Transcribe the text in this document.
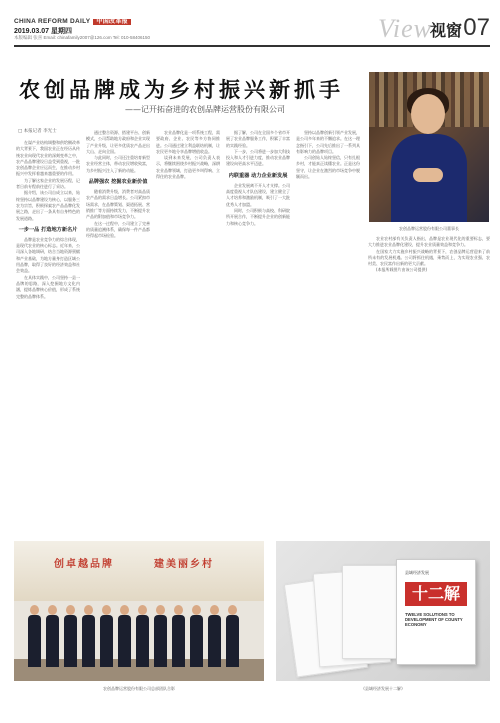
CHINA REFORM DAILY 中国改革报
2019.03.07 星期四
本版编辑 张喜 Email: chinafamily2007@126.com Tel: 010-58406150	View
视窗 07
农创品牌成为乡村振兴新抓手
——记开拓奋进的农创品牌运营股份有限公司
□ 本报记者 李光士

在谋产业结构调整和供给侧改革的大背景下，我国农业正在经历从传统农业向现代农业的深刻变革之中，农产品品牌建设日益受到重视，一批农创品牌企业应运而生，在推动乡村振兴中发挥着越来越重要的作用。

为了解这家企业的发展历程，记者日前专程前往进行了采访。

据介绍，该公司自成立以来，始终坚持以品牌建设为核心，以服务三农为宗旨，积极探索农产品品牌化发展之路，走出了一条具有自身特色的发展道路。

一步一品 打造地方新名片

品牌是农业竞争力的综合体现，是现代农业的核心标志。近年来，公司深入各地调研，结合当地资源禀赋和产业基础，为地方量身打造区域公用品牌，取得了良好的经济效益和社会效益。

在具体实践中，公司坚持一县一品牌的思路，深入挖掘地方文化内涵，提炼品牌核心价值，形成了系统完整的品牌体系。

通过整合资源、搭建平台、创新模式，公司帮助地方政府和企业实现了产业升级，让更多优质农产品走出大山、走向全国。

与此同时，公司还注重培育新型农业经营主体，带动农民增收致富，为乡村振兴注入了新的动能。

品牌强农 挖掘农业新价值

随着消费升级，消费者对高品质农产品的需求日益增长。公司紧扣市场需求，在品牌策划、渠道拓展、营销推广等方面持续发力，不断提升农产品的附加值和市场竞争力。

在这一过程中，公司建立了完善的质量追溯体系，确保每一件产品都经得起市场检验。

农业品牌化是一项系统工程，需要政府、企业、农民等多方协同推进。公司通过建立利益联结机制，让农民更多地分享品牌增值收益。

谈到未来发展，公司负责人表示，将继续围绕乡村振兴战略，深耕农业品牌领域，打造更多叫得响、立得住的农业品牌。

据了解，公司在全国多个省市开展了农业品牌服务工作，积累了丰富的实践经验。

下一步，公司将进一步加大科技投入和人才引进力度，推动农业品牌建设向更高水平迈进。

内联重器 动力企业新发展

企业发展离不开人才支撑。公司高度重视人才队伍建设，建立健全了人才培养和激励机制，吸引了一大批优秀人才加盟。

同时，公司积极与高校、科研院所开展合作，不断提升企业的创新能力和核心竞争力。

坚持以品牌创新引领产业发展，是公司多年来的不懈追求。在这一理念指引下，公司先后推出了一系列具有影响力的品牌项目。

公司创始人始终坚信，只有扎根乡村，才能真正读懂农业。正是这份坚守，让企业在激烈的市场竞争中脱颖而出。

农创品牌运营股份有限公司董事长

农业农村部有关负责人指出，品牌是农业现代化的重要标志，要大力推进农业品牌化建设，提升农业质量效益和竞争力。

在国家大力实施乡村振兴战略的背景下，农创品牌运营迎来了前所未有的发展机遇。公司将抓住机遇，乘势而上，为实现农业强、农村美、农民富作出新的更大贡献。

(本报所载图片由该公司提供)

创卓越品牌	建美丽乡村
农创品牌运营股份有限公司总部团队合影
县域经济发展
十二解
TWELVE SOLUTIONS TO DEVELOPMENT OF COUNTY ECONOMY
《县域经济发展十二解》
